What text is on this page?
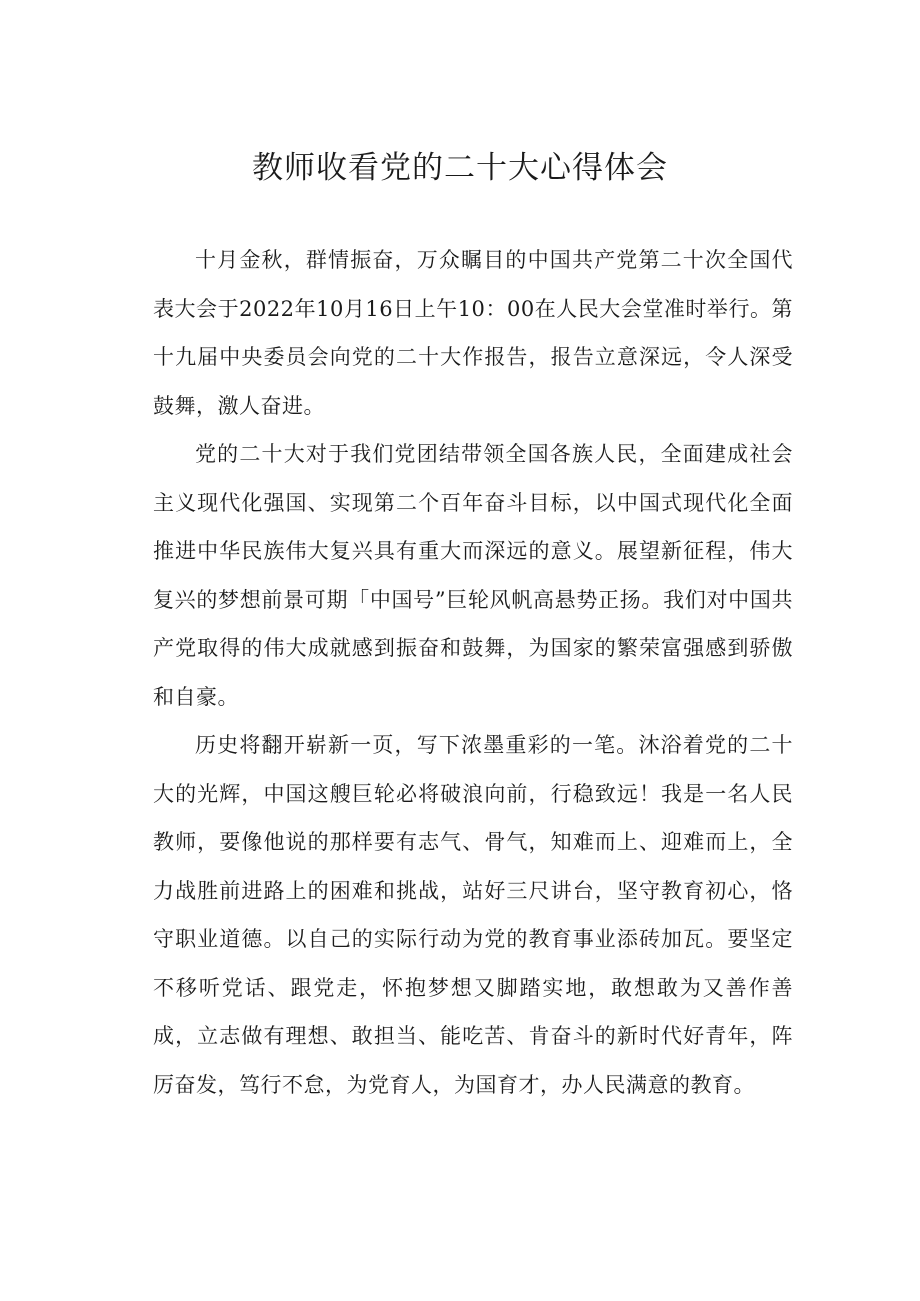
教师收看党的二十大心得体会

十月金秋，群情振奋，万众瞩目的中国共产党第二十次全国代表大会于2022年10月16日上午10：00在人民大会堂准时举行。第十九届中央委员会向党的二十大作报告，报告立意深远，令人深受鼓舞，激人奋进。

党的二十大对于我们党团结带领全国各族人民，全面建成社会主义现代化强国、实现第二个百年奋斗目标，以中国式现代化全面推进中华民族伟大复兴具有重大而深远的意义。展望新征程，伟大复兴的梦想前景可期「中国号”巨轮风帆高悬势正扬。我们对中国共产党取得的伟大成就感到振奋和鼓舞，为国家的繁荣富强感到骄傲和自豪。

历史将翻开崭新一页，写下浓墨重彩的一笔。沐浴着党的二十大的光辉，中国这艘巨轮必将破浪向前，行稳致远！我是一名人民教师，要像他说的那样要有志气、骨气，知难而上、迎难而上，全力战胜前进路上的困难和挑战，站好三尺讲台，坚守教育初心，恪守职业道德。以自己的实际行动为党的教育事业添砖加瓦。要坚定不移听党话、跟党走，怀抱梦想又脚踏实地，敢想敢为又善作善成，立志做有理想、敢担当、能吃苦、肯奋斗的新时代好青年，阵厉奋发，笃行不怠，为党育人，为国育才，办人民满意的教育。
